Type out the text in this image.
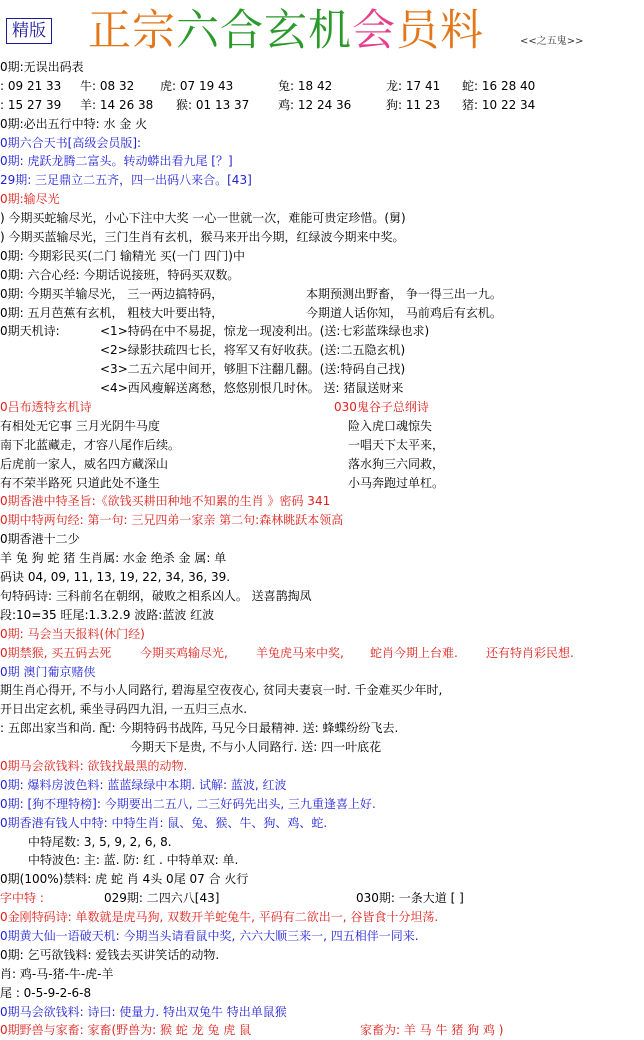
精版 正宗六合玄机会员料	<<之五鬼>>
0期:无误出码表
: 09 21 33 牛: 08 32 虎: 07 19 43	兔: 18 42	龙: 17 41 蛇: 16 28 40
: 15 27 39 羊: 14 26 38 猴: 01 13 37 鸡: 12 24 36	狗: 11 23 猪: 10 22 34
0期:必出五行中特: 水 金 火
0期六合天书[高级会员版]:
0期: 虎跃龙腾二富头。转动蟒出看九尾 [？]
29期: 三足鼎立二五齐，四一出码八来合。[43]
0期:输尽光
) 今期买蛇输尽光，小心下注中大奖 一心一世就一次，难能可贵定珍惜。(舅)
) 今期买蓝输尽光，三门生肖有玄机，猴马来开出今期，红绿波今期来中奖。
0期: 今期彩民买(二门 输精光 买(一门 四门)中
0期: 六合心经: 今期话说接班，特码买双数。
0期: 今期买羊输尽光， 三一两边搞特码，	本期预测出野畜， 争一得三出一九。
0期: 五月芭蕉有玄机， 粗枝大叶要出特，	今期道人话你知， 马前鸡后有玄机。
0期天机诗:	<1>特码在中不易捉，惊龙一现凌利出。(送:七彩蓝珠绿也求)
<2>绿影扶疏四七长，将军又有好收获。(送:二五隐玄机)
<3>二五六尾中间开，够胆下注翻几翻。(送:特码自己找)
<4>西风瘦解送离愁，悠悠别恨几时休。 送: 猪鼠送财来
0吕布透特玄机诗	030鬼谷子总纲诗
有相处无它事 三月光阴牛马度	险入虎口魂惊失
南下北蓝藏走，才容八尾作后续。	一唱天下太平来，
后虎前一家人，威名四方藏深山	落水狗三六同救，
有不荣半路死 只道此处不逢生	小马奔跑过单杠。
0期香港中特圣旨:《欲钱买耕田种地不知累的生肖 》密码 341
0期中特两句经: 第一句: 三兄四弟一家亲 第二句:森林眺跃本领高
0期香港十二少
羊 兔 狗 蛇 猪 生肖属: 水金 绝杀 金 属: 单
码诀 04, 09, 11, 13, 19, 22, 34, 36, 39.
句特码诗: 三科前名在朝纲，破败之相系凶人。 送喜鹊掏凤
段:10=35 旺尾:1.3.2.9 波路:蓝波 红波
0期: 马会当天报料(休门经)
0期禁猴, 买五码去死 今期买鸡输尽光, 羊兔虎马来中奖, 蛇肖今期上台难. 还有特肖彩民想.
0期 澳门葡京赌侠
期生肖心得开, 不与小人同路行, 碧海星空夜夜心, 贫同夫妻哀一时. 千金难买少年时,
开日出定玄机, 乘坐寻码四九泪, 一五归三点水.
: 五郎出家当和尚. 配: 今期特码书战阵, 马兄今日最精神. 送: 蜂蝶纷纷飞去.
今期天下是贵, 不与小人同路行. 送: 四一叶底花
0期马会欲钱料: 欲钱找最黑的动物.
0期: 爆料房波色料: 蓝蓝绿绿中本期. 试解: 蓝波, 红波
0期: [狗不理特榜]: 今期要出二五八, 二三好码先出头, 三九重逢喜上好.
0期香港有钱人中特: 中特生肖: 鼠、兔、猴、牛、狗、鸡、蛇.
中特尾数: 3, 5, 9, 2, 6, 8.
中特波色: 主: 蓝. 防: 红 . 中特单双: 单.
0期(100%)禁料: 虎 蛇 肖 4头 0尾 07 合 火行
字中特 :	029期: 二四六八[43]	030期: 一条大道 [ ]
0金刚特码诗: 单数就是虎马狗, 双数开羊蛇兔牛, 平码有二欲出一, 谷皆食十分坦荡.
0期黄大仙一语破天机: 今期当头请看鼠中奖, 六六大顺三来一, 四五相伴一同来.
0期: 乞丐欲钱料: 爱钱去买讲笑话的动物.
肖: 鸡-马-猪-牛-虎-羊
尾 : 0-5-9-2-6-8
0期马会欲钱料: 诗曰: 使量力. 特出双兔牛 特出单鼠猴
0期野兽与家畜: 家畜(野兽为: 猴 蛇 龙 兔 虎 鼠	家畜为: 羊 马 牛 猪 狗 鸡 )
